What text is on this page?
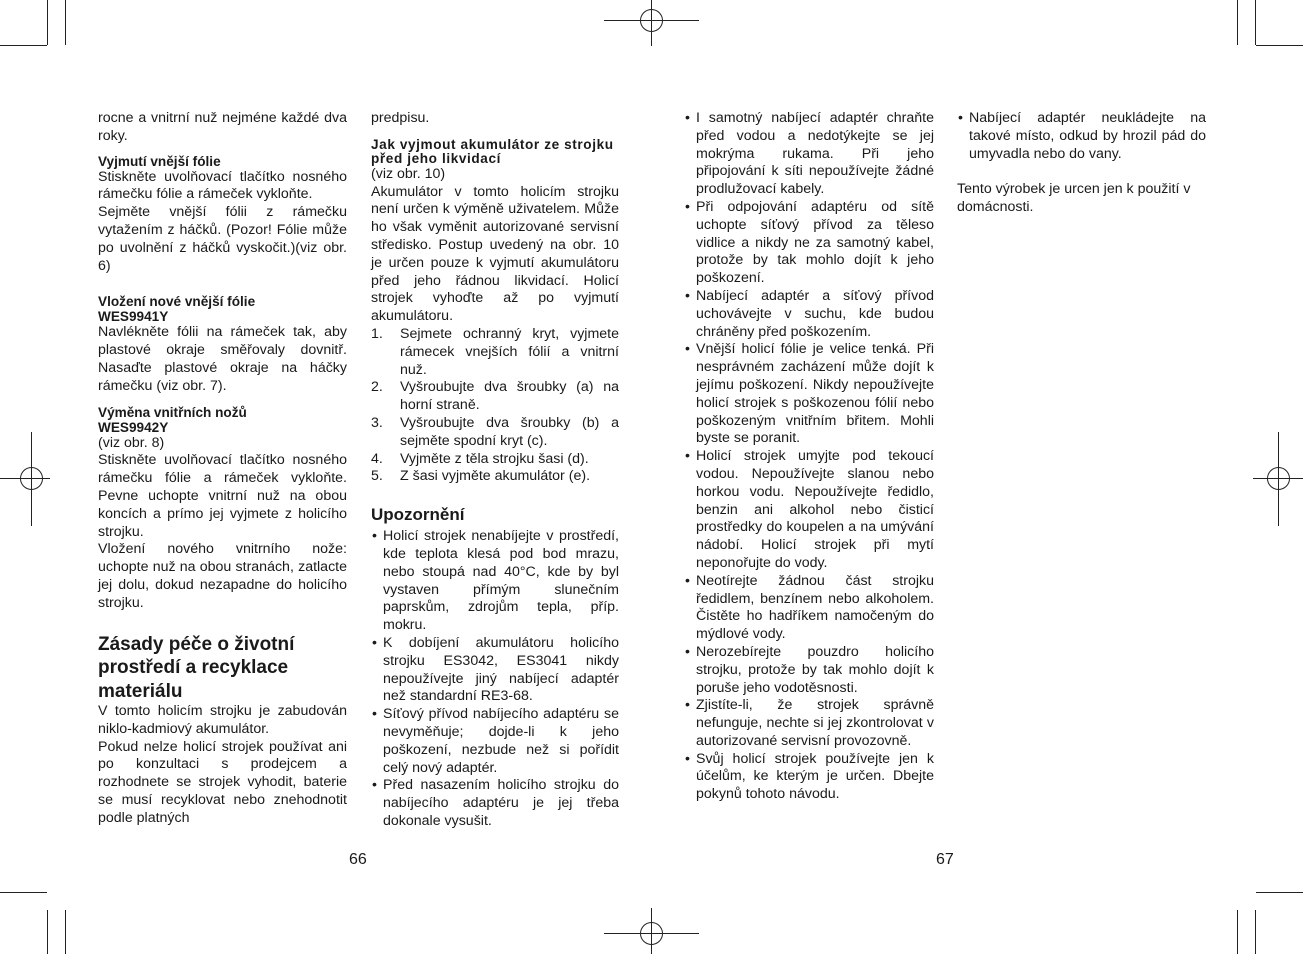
rocne a vnitrní nuž nejméne každé dva roky.

Vyjmutí vnější fólie

Stiskněte uvolňovací tlačítko nosného rámečku fólie a rámeček vykloňte.

Sejměte vnější fólii z rámečku vytažením z háčků. (Pozor! Fólie může po uvolnění z háčků vyskočit.)(viz obr. 6)

Vložení nové vnější fólie
WES9941Y

Navlékněte fólii na rámeček tak, aby plastové okraje směřovaly dovnitř. Nasaďte plastové okraje na háčky rámečku (viz obr. 7).

Výměna vnitřních nožů
WES9942Y

(viz obr. 8)

Stiskněte uvolňovací tlačítko nosného rámečku fólie a rámeček vykloňte. Pevne uchopte vnitrní nuž na obou koncích a prímo jej vyjmete z holicího strojku.

Vložení nového vnitrního nože: uchopte nuž na obou stranách, zatlacte jej dolu, dokud nezapadne do holicího strojku.

Zásady péče o životní prostředí a recyklace materiálu

V tomto holicím strojku je zabudován niklo-kadmiový akumulátor.

Pokud nelze holicí strojek používat ani po konzultaci s prodejcem a rozhodnete se strojek vyhodit, baterie se musí recyklovat nebo znehodnotit podle platných

predpisu.

Jak vyjmout akumulátor ze strojku před jeho likvidací

(viz obr. 10)

Akumulátor v tomto holicím strojku není určen k výměně uživatelem. Může ho však vyměnit autorizované servisní středisko. Postup uvedený na obr. 10 je určen pouze k vyjmutí akumulátoru před jeho řádnou likvidací. Holicí strojek vyhoďte až po vyjmutí akumulátoru.

1. Sejmete ochranný kryt, vyjmete rámecek vnejších fólií a vnitrní nuž.
2. Vyšroubujte dva šroubky (a) na horní straně.
3. Vyšroubujte dva šroubky (b) a sejměte spodní kryt (c).
4. Vyjměte z těla strojku šasi (d).
5. Z šasi vyjměte akumulátor (e).
Upozornění
• Holicí strojek nenabíjejte v prostředí, kde teplota klesá pod bod mrazu, nebo stoupá nad 40°C, kde by byl vystaven přímým slunečním paprskům, zdrojům tepla, příp. mokru.
• K dobíjení akumulátoru holicího strojku ES3042, ES3041 nikdy nepoužívejte jiný nabíjecí adaptér než standardní RE3-68.
• Síťový přívod nabíjecího adaptéru se nevyměňuje; dojde-li k jeho poškození, nezbude než si pořídit celý nový adaptér.
• Před nasazením holicího strojku do nabíjecího adaptéru je jej třeba dokonale vysušit.
• I samotný nabíjecí adaptér chraňte před vodou a nedotýkejte se jej mokrýma rukama. Při jeho připojování k síti nepoužívejte žádné prodlužovací kabely.
• Při odpojování adaptéru od sítě uchopte síťový přívod za těleso vidlice a nikdy ne za samotný kabel, protože by tak mohlo dojít k jeho poškození.
• Nabíjecí adaptér a síťový přívod uchovávejte v suchu, kde budou chráněny před poškozením.
• Vnější holicí fólie je velice tenká. Při nesprávném zacházení může dojít k jejímu poškození. Nikdy nepoužívejte holicí strojek s poškozenou fólií nebo poškozeným vnitřním břitem. Mohli byste se poranit.
• Holicí strojek umyjte pod tekoucí vodou. Nepoužívejte slanou nebo horkou vodu. Nepoužívejte ředidlo, benzin ani alkohol nebo čisticí prostředky do koupelen a na umývání nádobí. Holicí strojek při mytí neponořujte do vody.
• Neotírejte žádnou část strojku ředidlem, benzínem nebo alkoholem. Čistěte ho hadříkem namočeným do mýdlové vody.
• Nerozebírejte pouzdro holicího strojku, protože by tak mohlo dojít k poruše jeho vodotěsnosti.
• Zjistíte-li, že strojek správně nefunguje, nechte si jej zkontrolovat v autorizované servisní provozovně.
• Svůj holicí strojek používejte jen k účelům, ke kterým je určen. Dbejte pokynů tohoto návodu.
• Nabíjecí adaptér neukládejte na takové místo, odkud by hrozil pád do umyvadla nebo do vany.

Tento výrobek je urcen jen k použití v domácnosti.

66	67
